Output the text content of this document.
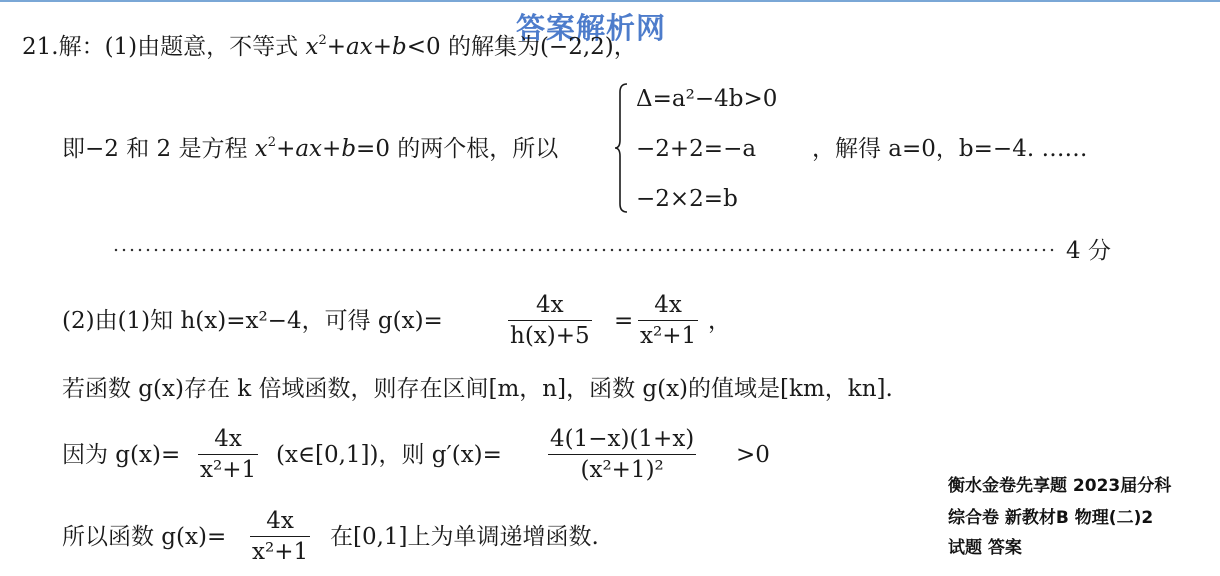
答案解析网
21.解：(1)由题意，不等式 $x^2+ax+b<0$ 的解集为(−2,2)，
Δ=a²−4b>0
−2+2=−a
−2×2=b
即−2 和 2 是方程 $x^2+ax+b=0$ 的两个根，所以	，解得 a=0，b=−4. ……
4 分
(2)由(1)知 h(x)=x²−4，可得 g(x)=	$\frac{4x}{h(x)+5} = \frac{4x}{\text{x²+1}}$ ，
若函数 g(x)存在 k 倍域函数，则存在区间[m，n]，函数 g(x)的值域是[km，kn].
因为 $g(x)= \frac{4x}{\text{x²+1}}$ (x∈[0,1])，则 $g'(x)= \frac{4(1-x)(1+x)}{\text{(x²+1)²}} >0$
所以函数 $g(x)= \frac{4x}{\text{x²+1}}$ 在[0,1]上为单调递增函数.
衡水金卷先享题 2023届分科
综合卷 新教材B 物理(二)2
试题 答案
